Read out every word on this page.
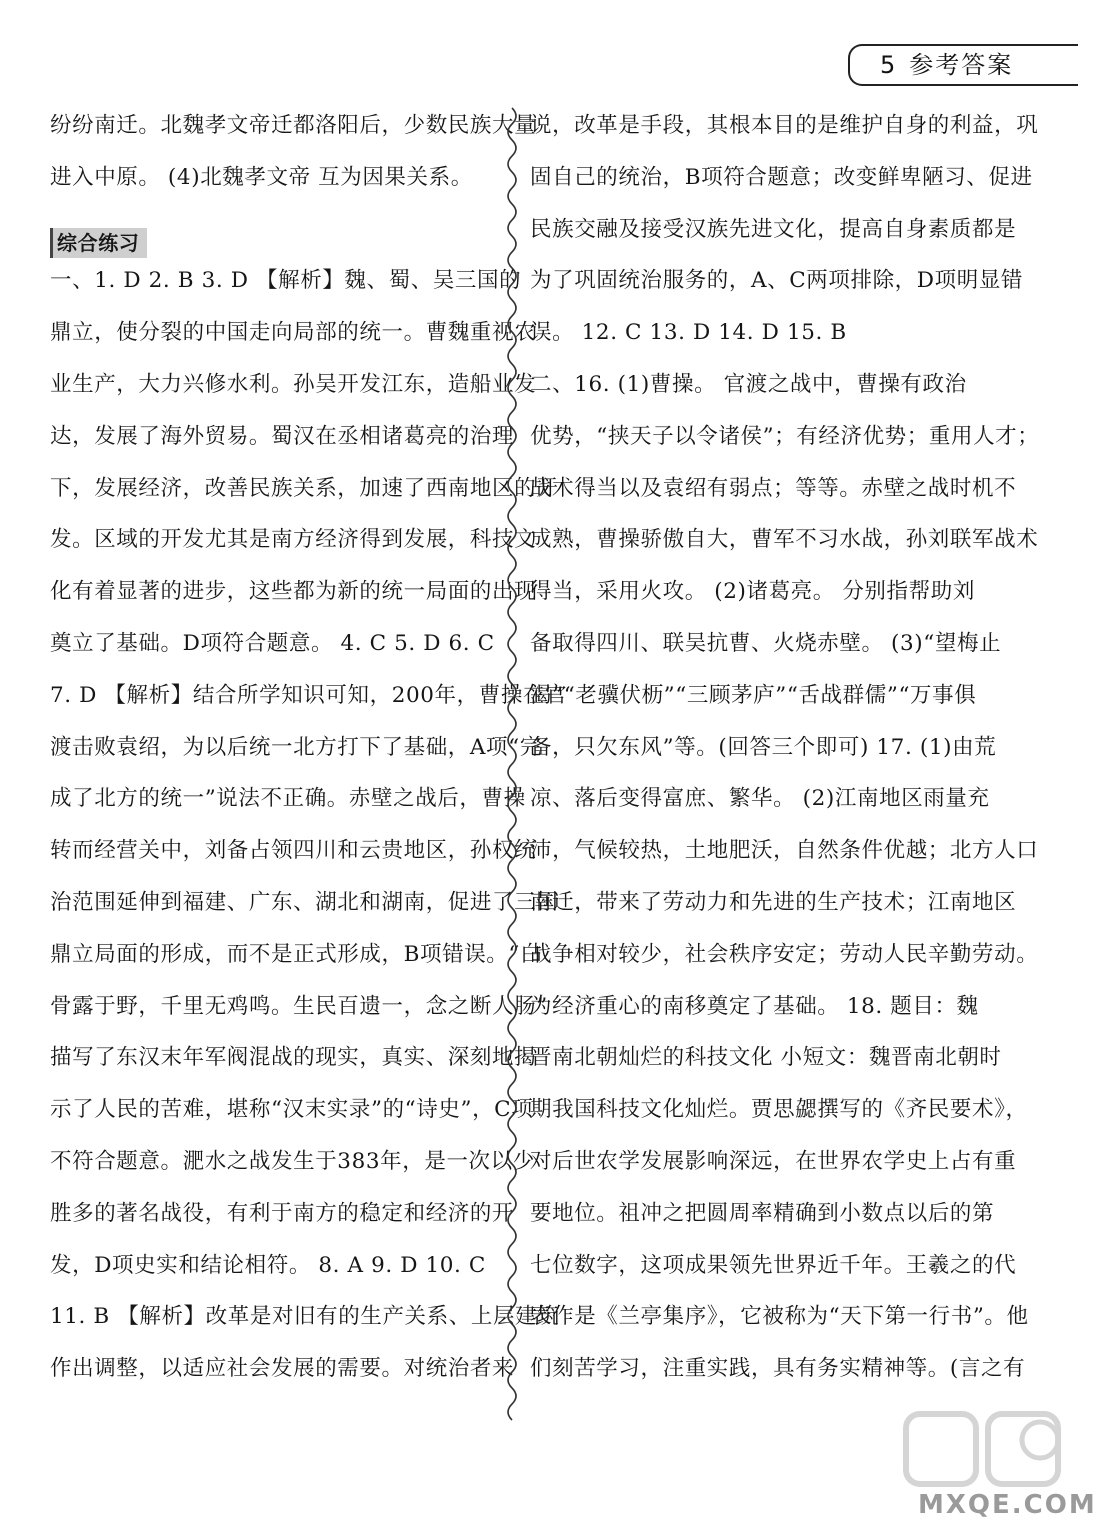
5 参考答案
纷纷南迁。北魏孝文帝迁都洛阳后，少数民族大量
进入中原。 (4)北魏孝文帝 互为因果关系。
综合练习
一、1. D 2. B 3. D 【解析】魏、蜀、吴三国的
鼎立，使分裂的中国走向局部的统一。曹魏重视农
业生产，大力兴修水利。孙吴开发江东，造船业发
达，发展了海外贸易。蜀汉在丞相诸葛亮的治理
下，发展经济，改善民族关系，加速了西南地区的开
发。区域的开发尤其是南方经济得到发展，科技文
化有着显著的进步，这些都为新的统一局面的出现
奠立了基础。D项符合题意。 4. C 5. D 6. C
7. D 【解析】结合所学知识可知，200年，曹操在官
渡击败袁绍，为以后统一北方打下了基础，A项“完
成了北方的统一”说法不正确。赤壁之战后，曹操
转而经营关中，刘备占领四川和云贵地区，孙权统
治范围延伸到福建、广东、湖北和湖南，促进了三国
鼎立局面的形成，而不是正式形成，B项错误。“白
骨露于野，千里无鸡鸣。生民百遗一，念之断人肠”
描写了东汉末年军阀混战的现实，真实、深刻地揭
示了人民的苦难，堪称“汉末实录”的“诗史”，C项
不符合题意。淝水之战发生于383年，是一次以少
胜多的著名战役，有利于南方的稳定和经济的开
发，D项史实和结论相符。 8. A 9. D 10. C
11. B 【解析】改革是对旧有的生产关系、上层建筑
作出调整，以适应社会发展的需要。对统治者来
说，改革是手段，其根本目的是维护自身的利益，巩
固自己的统治，B项符合题意；改变鲜卑陋习、促进
民族交融及接受汉族先进文化，提高自身素质都是
为了巩固统治服务的，A、C两项排除，D项明显错
误。 12. C 13. D 14. D 15. B
二、16. (1)曹操。 官渡之战中，曹操有政治
优势，“挟天子以令诸侯”；有经济优势；重用人才；
战术得当以及袁绍有弱点；等等。赤壁之战时机不
成熟，曹操骄傲自大，曹军不习水战，孙刘联军战术
得当，采用火攻。 (2)诸葛亮。 分别指帮助刘
备取得四川、联吴抗曹、火烧赤壁。 (3)“望梅止
渴”“老骥伏枥”“三顾茅庐”“舌战群儒”“万事俱
备，只欠东风”等。(回答三个即可) 17. (1)由荒
凉、落后变得富庶、繁华。 (2)江南地区雨量充
沛，气候较热，土地肥沃，自然条件优越；北方人口
南迁，带来了劳动力和先进的生产技术；江南地区
战争相对较少，社会秩序安定；劳动人民辛勤劳动。
为经济重心的南移奠定了基础。 18. 题目：魏
晋南北朝灿烂的科技文化 小短文：魏晋南北朝时
期我国科技文化灿烂。贾思勰撰写的《齐民要术》，
对后世农学发展影响深远，在世界农学史上占有重
要地位。祖冲之把圆周率精确到小数点以后的第
七位数字，这项成果领先世界近千年。王羲之的代
表作是《兰亭集序》，它被称为“天下第一行书”。他
们刻苦学习，注重实践，具有务实精神等。(言之有
MXQE.COM
